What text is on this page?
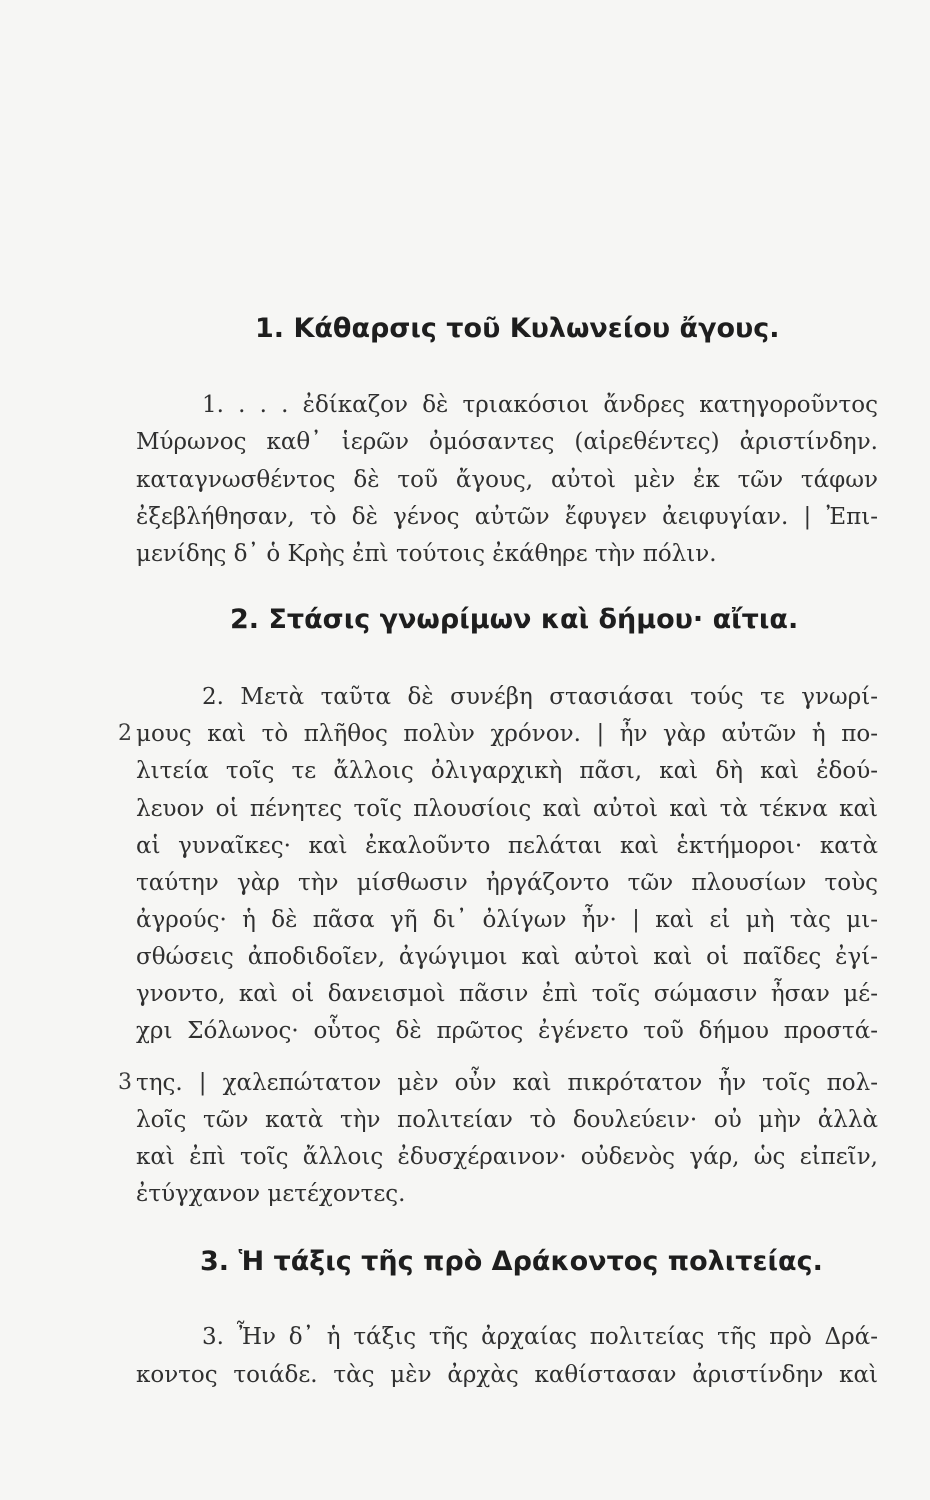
1. Κάθαρσις τοῦ Κυλωνείου ἄγους.

1. . . . ἐδίκαζον δὲ τριακόσιοι ἄνδρες κατηγοροῦντος

Μύρωνος καθ᾿ ἱερῶν ὀμόσαντες (αἱρεθέντες) ἀριστίνδην.

καταγνωσθέντος δὲ τοῦ ἄγους, αὐτοὶ μὲν ἐκ τῶν τάφων

ἐξεβλήθησαν, τὸ δὲ γένος αὐτῶν ἔφυγεν ἀειφυγίαν. | Ἐπι-

μενίδης δ᾿ ὁ Κρὴς ἐπὶ τούτοις ἐκάθηρε τὴν πόλιν.

2. Στάσις γνωρίμων καὶ δήμου· αἴτια.

2. Μετὰ ταῦτα δὲ συνέβη στασιάσαι τούς τε γνωρί-

2 μους καὶ τὸ πλῆθος πολὺν χρόνον. | ἦν γὰρ αὐτῶν ἡ πο-

λιτεία τοῖς τε ἄλλοις ὀλιγαρχικὴ πᾶσι, καὶ δὴ καὶ ἐδού-

λευον οἱ πένητες τοῖς πλουσίοις καὶ αὐτοὶ καὶ τὰ τέκνα καὶ

αἱ γυναῖκες· καὶ ἐκαλοῦντο πελάται καὶ ἑκτήμοροι· κατὰ

ταύτην γὰρ τὴν μίσθωσιν ἠργάζοντο τῶν πλουσίων τοὺς

ἀγρούς· ἡ δὲ πᾶσα γῆ δι᾿ ὀλίγων ἦν· | καὶ εἰ μὴ τὰς μι-

σθώσεις ἀποδιδοῖεν, ἀγώγιμοι καὶ αὐτοὶ καὶ οἱ παῖδες ἐγί-

γνοντο, καὶ οἱ δανεισμοὶ πᾶσιν ἐπὶ τοῖς σώμασιν ἦσαν μέ-

χρι Σόλωνος· οὗτος δὲ πρῶτος ἐγένετο τοῦ δήμου προστά-

3 της. | χαλεπώτατον μὲν οὖν καὶ πικρότατον ἦν τοῖς πολ-

λοῖς τῶν κατὰ τὴν πολιτείαν τὸ δουλεύειν· οὐ μὴν ἀλλὰ

καὶ ἐπὶ τοῖς ἄλλοις ἐδυσχέραινον· οὐδενὸς γάρ, ὡς εἰπεῖν,

ἐτύγχανον μετέχοντες.

3. Ἡ τάξις τῆς πρὸ Δράκοντος πολιτείας.

3. Ἦν δ᾿ ἡ τάξις τῆς ἀρχαίας πολιτείας τῆς πρὸ Δρά-

κοντος τοιάδε. τὰς μὲν ἀρχὰς καθίστασαν ἀριστίνδην καὶ
